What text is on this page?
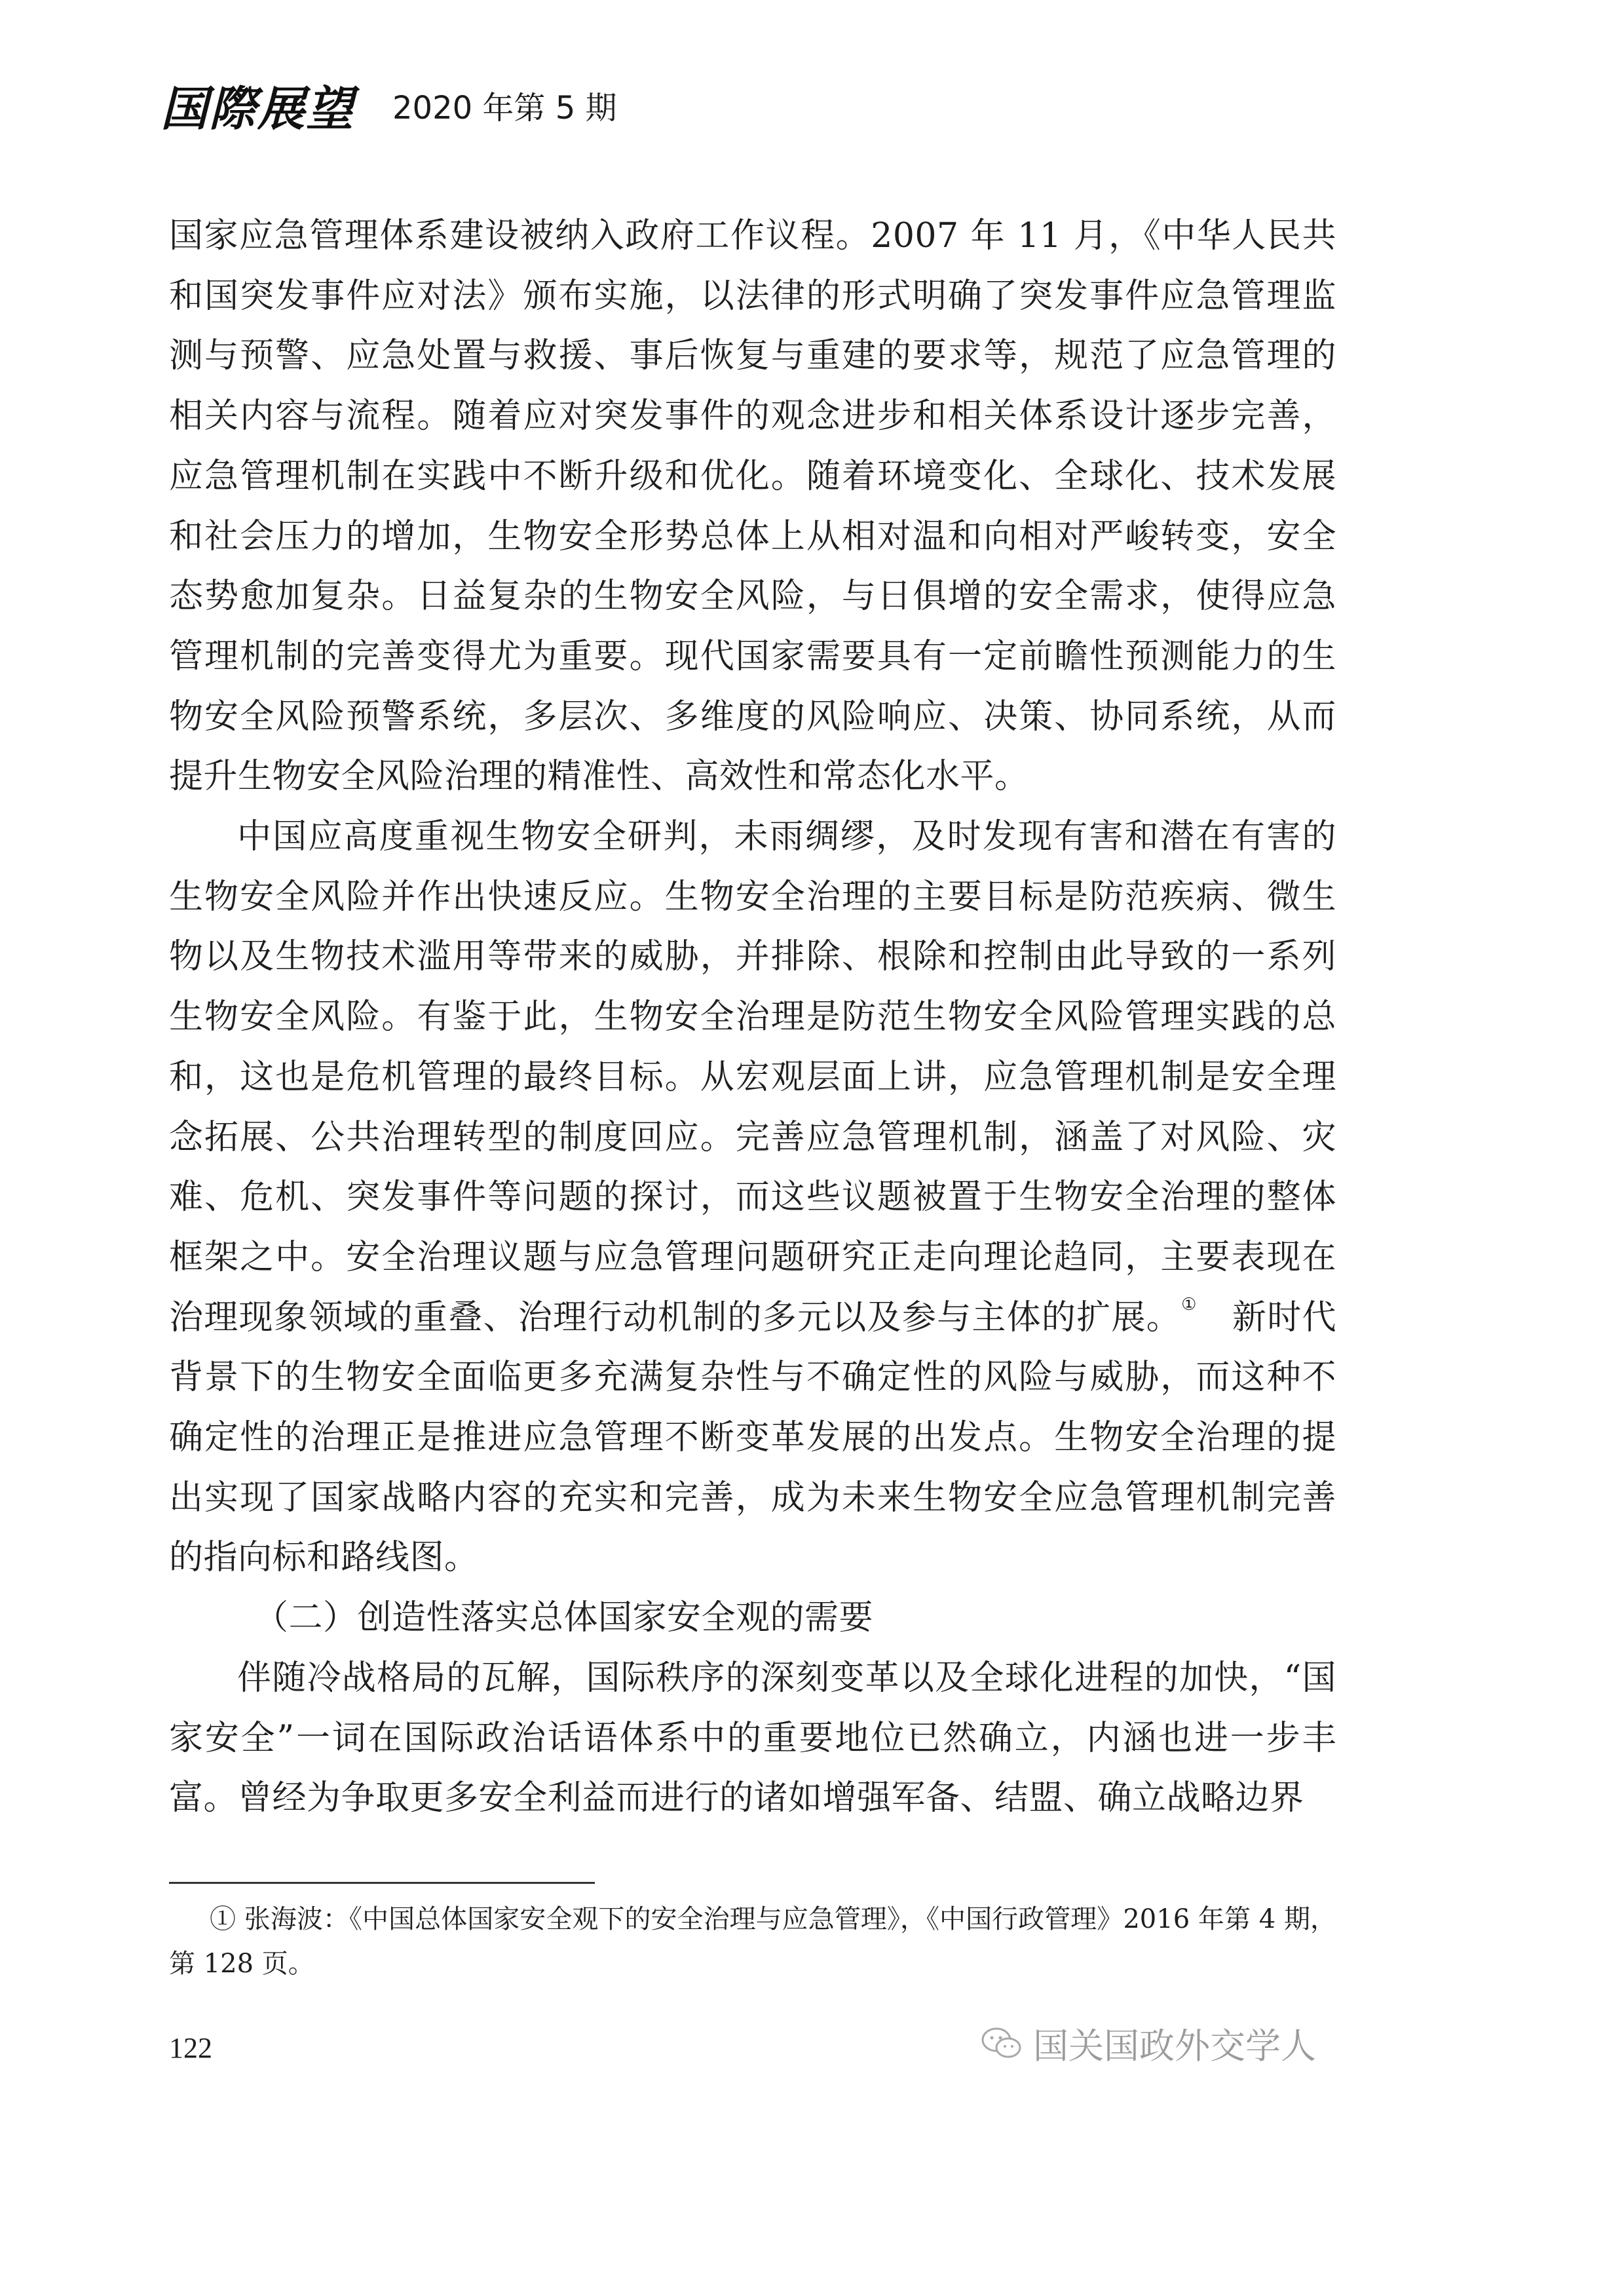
国際展望 2020 年第 5 期

国家应急管理体系建设被纳入政府工作议程。2007 年 11 月，《中华人民共和国突发事件应对法》颁布实施，以法律的形式明确了突发事件应急管理监测与预警、应急处置与救援、事后恢复与重建的要求等，规范了应急管理的相关内容与流程。随着应对突发事件的观念进步和相关体系设计逐步完善，应急管理机制在实践中不断升级和优化。随着环境变化、全球化、技术发展和社会压力的增加，生物安全形势总体上从相对温和向相对严峻转变，安全态势愈加复杂。日益复杂的生物安全风险，与日俱增的安全需求，使得应急管理机制的完善变得尤为重要。现代国家需要具有一定前瞻性预测能力的生物安全风险预警系统，多层次、多维度的风险响应、决策、协同系统，从而提升生物安全风险治理的精准性、高效性和常态化水平。

中国应高度重视生物安全研判，未雨绸缪，及时发现有害和潜在有害的生物安全风险并作出快速反应。生物安全治理的主要目标是防范疾病、微生物以及生物技术滥用等带来的威胁，并排除、根除和控制由此导致的一系列生物安全风险。有鉴于此，生物安全治理是防范生物安全风险管理实践的总和，这也是危机管理的最终目标。从宏观层面上讲，应急管理机制是安全理念拓展、公共治理转型的制度回应。完善应急管理机制，涵盖了对风险、灾难、危机、突发事件等问题的探讨，而这些议题被置于生物安全治理的整体框架之中。安全治理议题与应急管理问题研究正走向理论趋同，主要表现在治理现象领域的重叠、治理行动机制的多元以及参与主体的扩展。①  新时代背景下的生物安全面临更多充满复杂性与不确定性的风险与威胁，而这种不确定性的治理正是推进应急管理不断变革发展的出发点。生物安全治理的提出实现了国家战略内容的充实和完善，成为未来生物安全应急管理机制完善的指向标和路线图。

（二）创造性落实总体国家安全观的需要

伴随冷战格局的瓦解，国际秩序的深刻变革以及全球化进程的加快，“国家安全”一词在国际政治话语体系中的重要地位已然确立，内涵也进一步丰富。曾经为争取更多安全利益而进行的诸如增强军备、结盟、确立战略边界

① 张海波：《中国总体国家安全观下的安全治理与应急管理》，《中国行政管理》2016 年第 4 期，第 128 页。
122	国关国政外交学人
